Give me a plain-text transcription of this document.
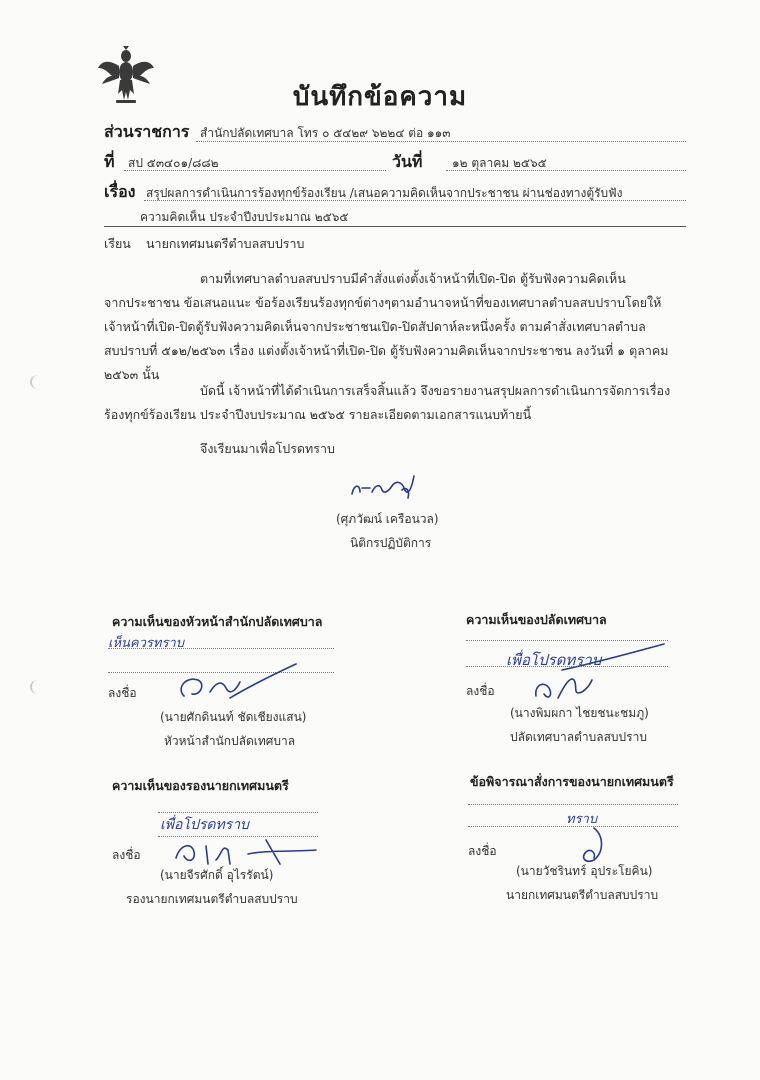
บันทึกข้อความ
ส่วนราชการ สำนักปลัดเทศบาล โทร ๐ ๕๔๒๙ ๖๒๒๔ ต่อ ๑๑๓
ที่ สป ๕๓๔๐๑/๘๘๒	วันที่ ๑๒ ตุลาคม ๒๕๖๕
เรื่อง สรุปผลการดำเนินการร้องทุกข์ร้องเรียน /เสนอความคิดเห็นจากประชาชน ผ่านช่องทางตู้รับฟัง
ความคิดเห็น ประจำปีงบประมาณ ๒๕๖๕
เรียน นายกเทศมนตรีตำบลสบปราบ
ตามที่เทศบาลตำบลสบปราบมีคำสั่งแต่งตั้งเจ้าหน้าที่เปิด-ปิด ตู้รับฟังความคิดเห็น
จากประชาชน ข้อเสนอแนะ ข้อร้องเรียนร้องทุกข์ต่างๆตามอำนาจหน้าที่ของเทศบาลตำบลสบปราบโดยให้
เจ้าหน้าที่เปิด-ปิดตู้รับฟังความคิดเห็นจากประชาชนเปิด-ปิดสัปดาห์ละหนึ่งครั้ง ตามคำสั่งเทศบาลตำบล
สบปราบที่ ๕๑๒/๒๕๖๓ เรื่อง แต่งตั้งเจ้าหน้าที่เปิด-ปิด ตู้รับฟังความคิดเห็นจากประชาชน ลงวันที่ ๑ ตุลาคม
๒๕๖๓ นั้น
บัดนี้ เจ้าหน้าที่ได้ดำเนินการเสร็จสิ้นแล้ว จึงขอรายงานสรุปผลการดำเนินการจัดการเรื่อง
ร้องทุกข์ร้องเรียน ประจำปีงบประมาณ ๒๕๖๕ รายละเอียดตามเอกสารแนบท้ายนี้
จึงเรียนมาเพื่อโปรดทราบ
(ศุภวัฒน์ เครือนวล)
นิติกรปฏิบัติการ
ความเห็นของหัวหน้าสำนักปลัดเทศบาล
เห็นควรทราบ
ลงชื่อ
(นายศักดินนท์ ชัดเชียงแสน)
หัวหน้าสำนักปลัดเทศบาล
ความเห็นของปลัดเทศบาล
เพื่อโปรดทราบ
ลงชื่อ
(นางพิมผกา ไชยชนะชมภู)
ปลัดเทศบาลตำบลสบปราบ
ความเห็นของรองนายกเทศมนตรี
เพื่อโปรดทราบ
ลงชื่อ
(นายจีรศักดิ์ อุไรรัตน์)
รองนายกเทศมนตรีตำบลสบปราบ
ข้อพิจารณาสั่งการของนายกเทศมนตรี
ทราบ
ลงชื่อ
(นายวัชรินทร์ อุประโยคิน)
นายกเทศมนตรีตำบลสบปราบ
